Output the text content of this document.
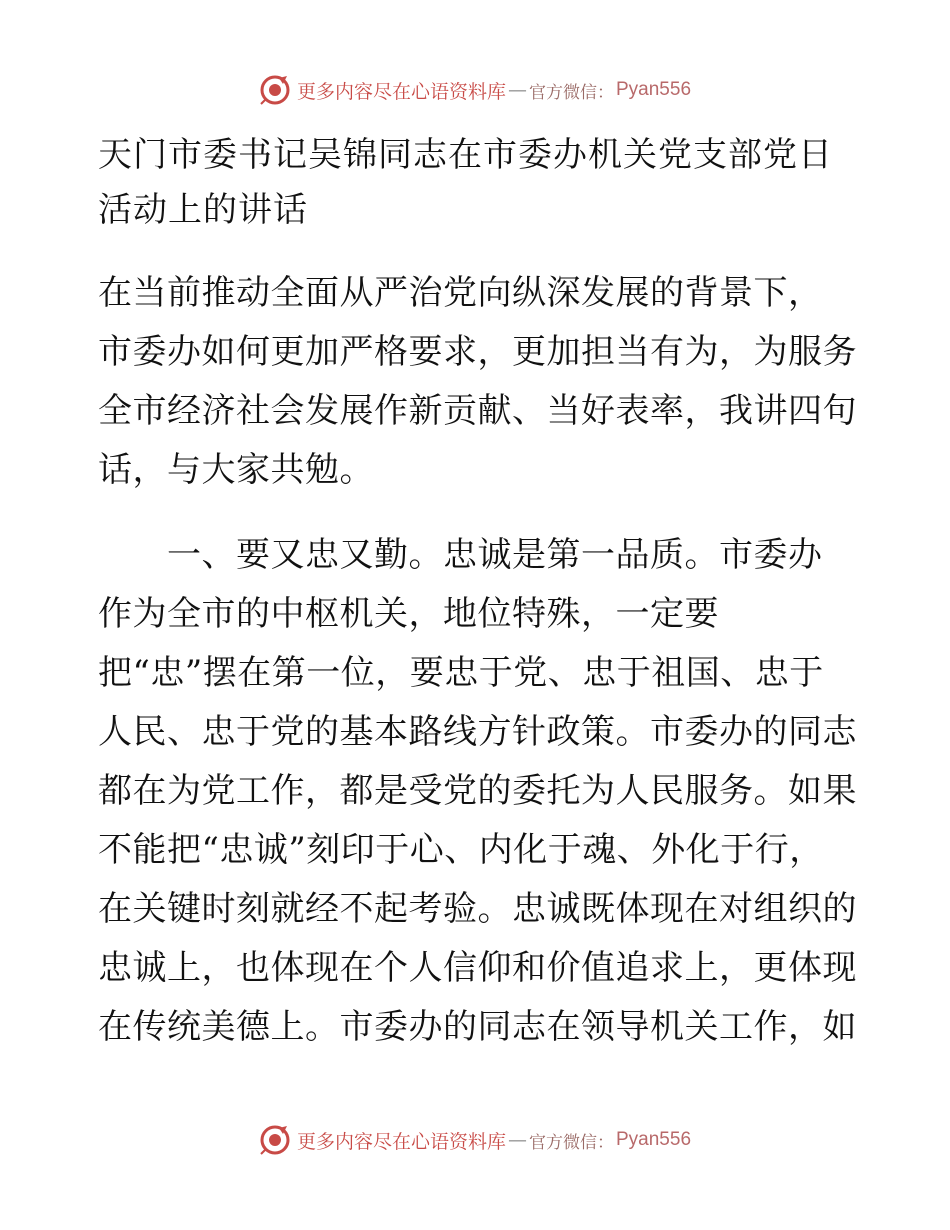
更多内容尽在心语资料库 — 官方微信： Pyan556
天门市委书记吴锦同志在市委办机关党支部党日
活动上的讲话

在当前推动全面从严治党向纵深发展的背景下，
市委办如何更加严格要求，更加担当有为，为服务
全市经济社会发展作新贡献、当好表率，我讲四句
话，与大家共勉。

　　一、要又忠又勤。忠诚是第一品质。市委办
作为全市的中枢机关，地位特殊，一定要
把“忠”摆在第一位，要忠于党、忠于祖国、忠于
人民、忠于党的基本路线方针政策。市委办的同志
都在为党工作，都是受党的委托为人民服务。如果
不能把“忠诚”刻印于心、内化于魂、外化于行，
在关键时刻就经不起考验。忠诚既体现在对组织的
忠诚上，也体现在个人信仰和价值追求上，更体现
在传统美德上。市委办的同志在领导机关工作，如

更多内容尽在心语资料库 — 官方微信： Pyan556
